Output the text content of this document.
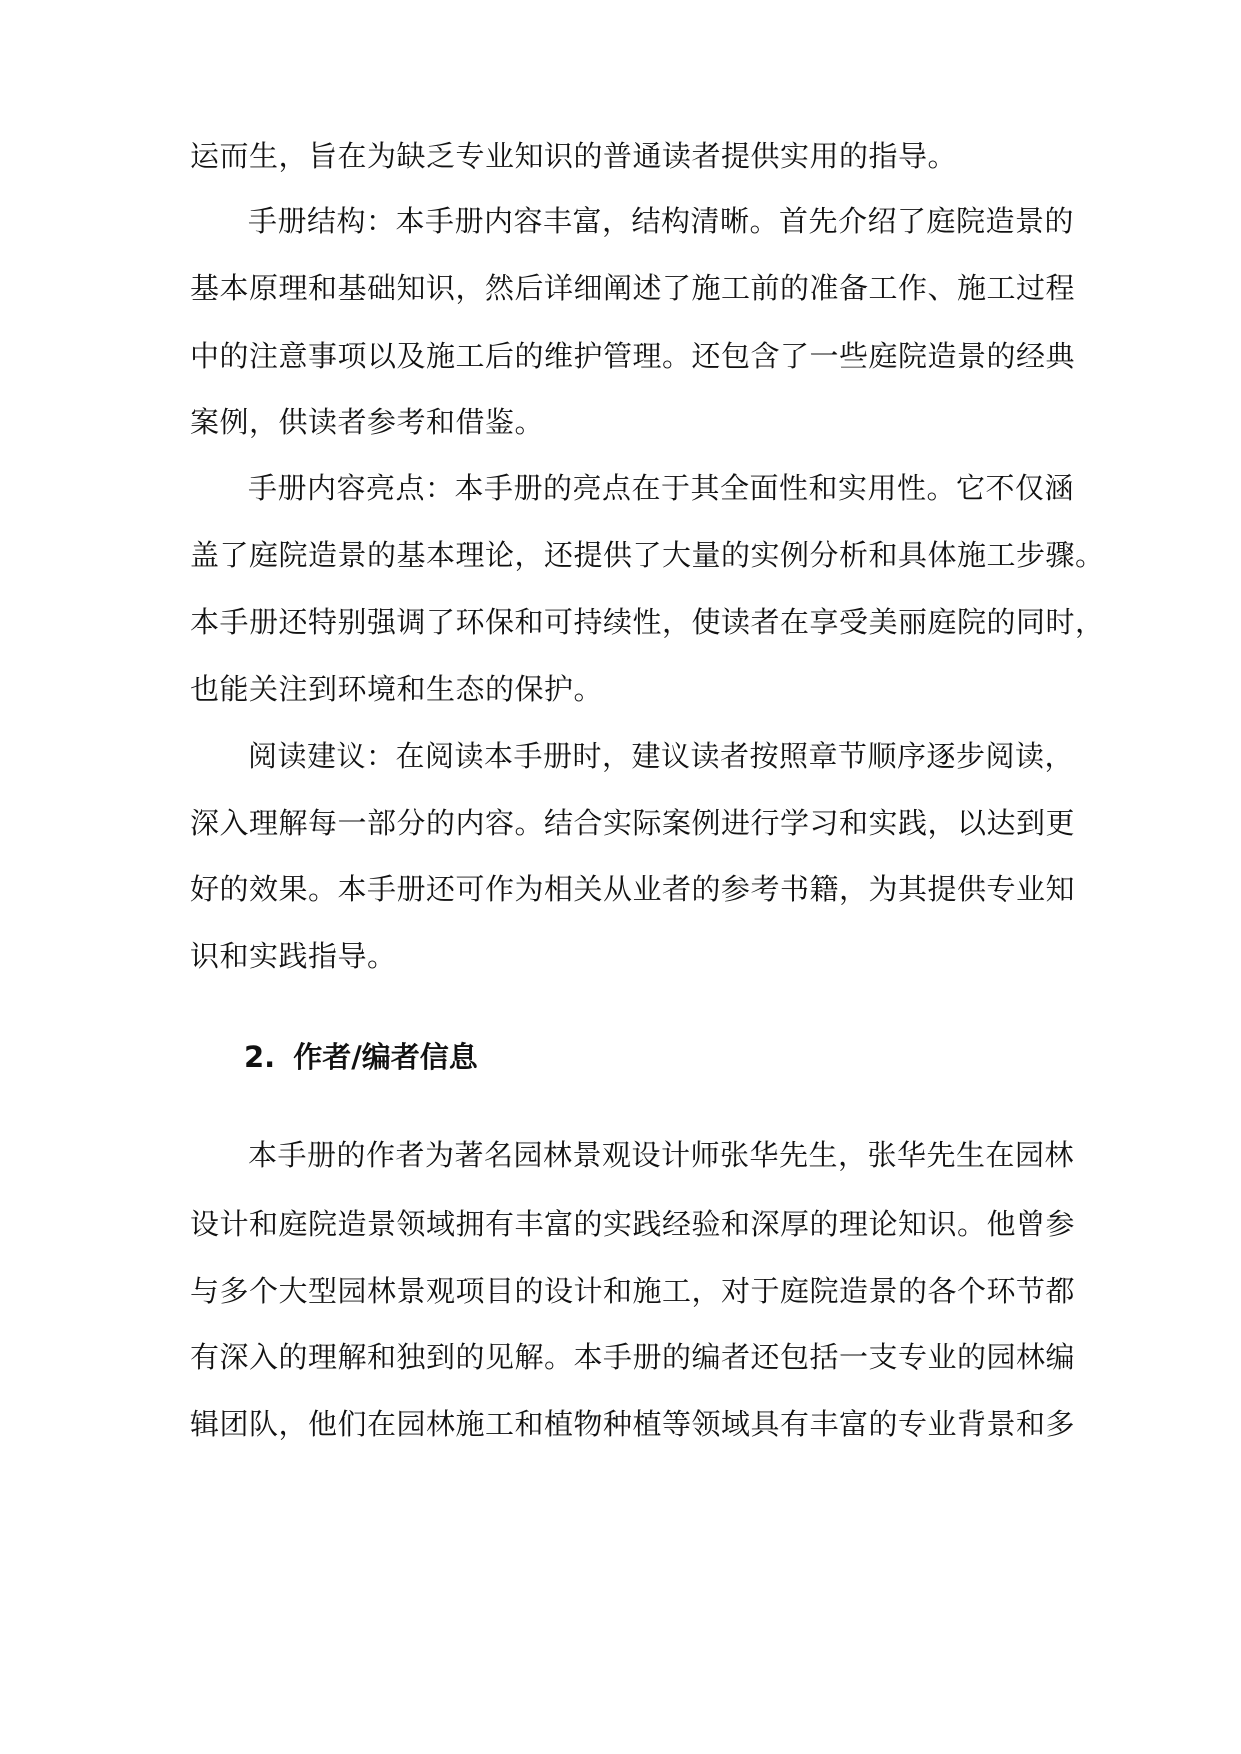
运而生，旨在为缺乏专业知识的普通读者提供实用的指导。
手册结构：本手册内容丰富，结构清晰。首先介绍了庭院造景的
基本原理和基础知识，然后详细阐述了施工前的准备工作、施工过程
中的注意事项以及施工后的维护管理。还包含了一些庭院造景的经典
案例，供读者参考和借鉴。
手册内容亮点：本手册的亮点在于其全面性和实用性。它不仅涵
盖了庭院造景的基本理论，还提供了大量的实例分析和具体施工步骤。
本手册还特别强调了环保和可持续性，使读者在享受美丽庭院的同时，
也能关注到环境和生态的保护。
阅读建议：在阅读本手册时，建议读者按照章节顺序逐步阅读，
深入理解每一部分的内容。结合实际案例进行学习和实践，以达到更
好的效果。本手册还可作为相关从业者的参考书籍，为其提供专业知
识和实践指导。
2. 作者/编者信息
本手册的作者为著名园林景观设计师张华先生，张华先生在园林
设计和庭院造景领域拥有丰富的实践经验和深厚的理论知识。他曾参
与多个大型园林景观项目的设计和施工，对于庭院造景的各个环节都
有深入的理解和独到的见解。本手册的编者还包括一支专业的园林编
辑团队，他们在园林施工和植物种植等领域具有丰富的专业背景和多
